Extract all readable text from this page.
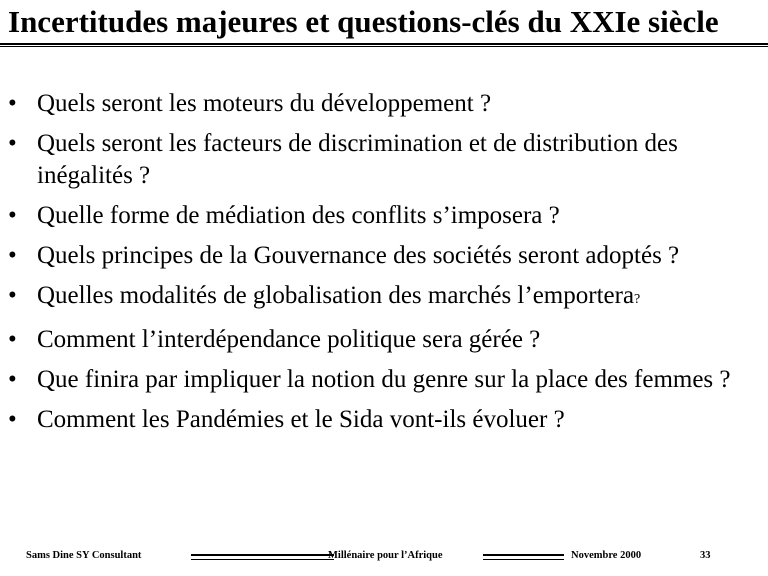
Incertitudes majeures et questions-clés du XXIe siècle
• Quels seront les moteurs du développement ?
• Quels seront les facteurs de discrimination et de distribution des inégalités ?
• Quelle forme de médiation des conflits s’imposera ?
• Quels principes de la Gouvernance des sociétés seront adoptés ?
• Quelles modalités de globalisation des marchés l’emportera?
• Comment l’interdépendance politique sera gérée ?
• Que finira par impliquer la notion du genre sur la place des femmes ?
• Comment les Pandémies et le Sida vont-ils évoluer ?
Sams Dine SY Consultant	Millénaire pour l’Afrique	Novembre 2000	33
